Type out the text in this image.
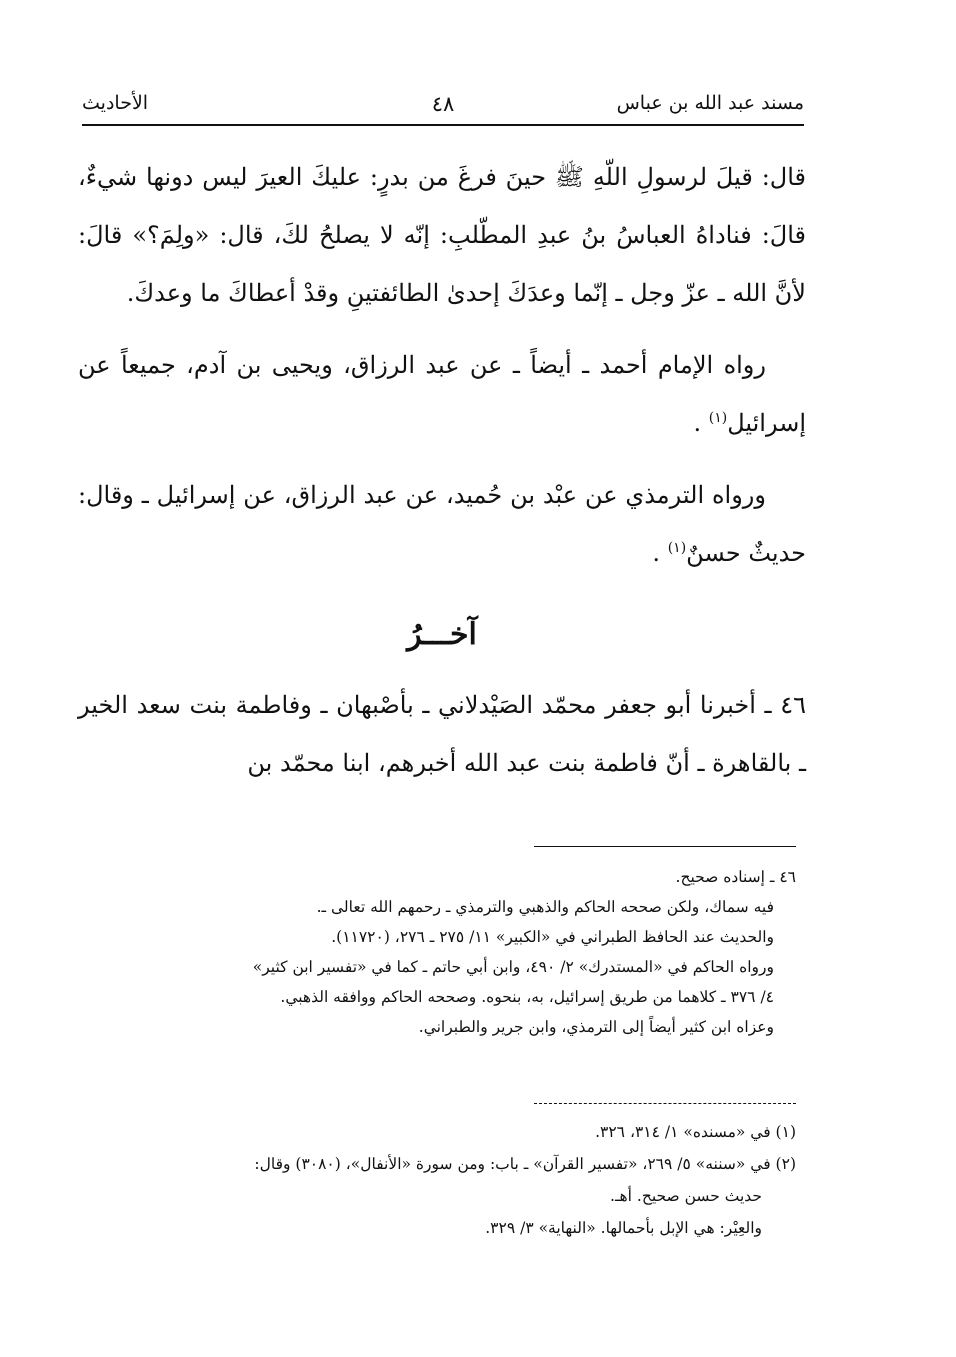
مسند عبد الله بن عباس
٤٨
الأحاديث

قال: قيلَ لرسولِ اللّهِ ﷺ حينَ فرغَ من بدرٍ: عليكَ العيرَ ليس دونها شيءٌ، قالَ: فناداهُ العباسُ بنُ عبدِ المطّلبِ: إنّه لا يصلحُ لكَ، قال: «ولِمَ؟» قالَ: لأنَّ الله ـ عزّ وجل ـ إنّما وعدَكَ إحدىٰ الطائفتينِ وقدْ أعطاكَ ما وعدكَ.

رواه الإمام أحمد ـ أيضاً ـ عن عبد الرزاق، ويحيى بن آدم، جميعاً عن إسرائيل$^{(١)}$ .

ورواه الترمذي عن عبْد بن حُميد، عن عبد الرزاق، عن إسرائيل ـ وقال: حديثٌ حسنٌ$^{(١)}$ .

آخـــرُ

٤٦ ـ أخبرنا أبو جعفر محمّد الصَيْدلاني ـ بأصْبهان ـ وفاطمة بنت سعد الخير ـ بالقاهرة ـ أنّ فاطمة بنت عبد الله أخبرهم، ابنا محمّد بن

٤٦ ـ إسناده صحيح.

فيه سماك، ولكن صححه الحاكم والذهبي والترمذي ـ رحمهم الله تعالى ـ.

والحديث عند الحافظ الطبراني في «الكبير» ١١/ ٢٧٥ ـ ٢٧٦، (١١٧٢٠).

ورواه الحاكم في «المستدرك» ٢/ ٤٩٠، وابن أبي حاتم ـ كما في «تفسير ابن كثير»

٤/ ٣٧٦ ـ كلاهما من طريق إسرائيل، به، بنحوه. وصححه الحاكم ووافقه الذهبي.

وعزاه ابن كثير أيضاً إلى الترمذي، وابن جرير والطبراني.

(١) في «مسنده» ١/ ٣١٤، ٣٢٦.

(٢) في «سننه» ٥/ ٢٦٩، «تفسير القرآن» ـ باب: ومن سورة «الأنفال»، (٣٠٨٠) وقال:

حديث حسن صحيح. أهـ.

والعِيْر: هي الإبل بأحمالها. «النهاية» ٣/ ٣٢٩.
